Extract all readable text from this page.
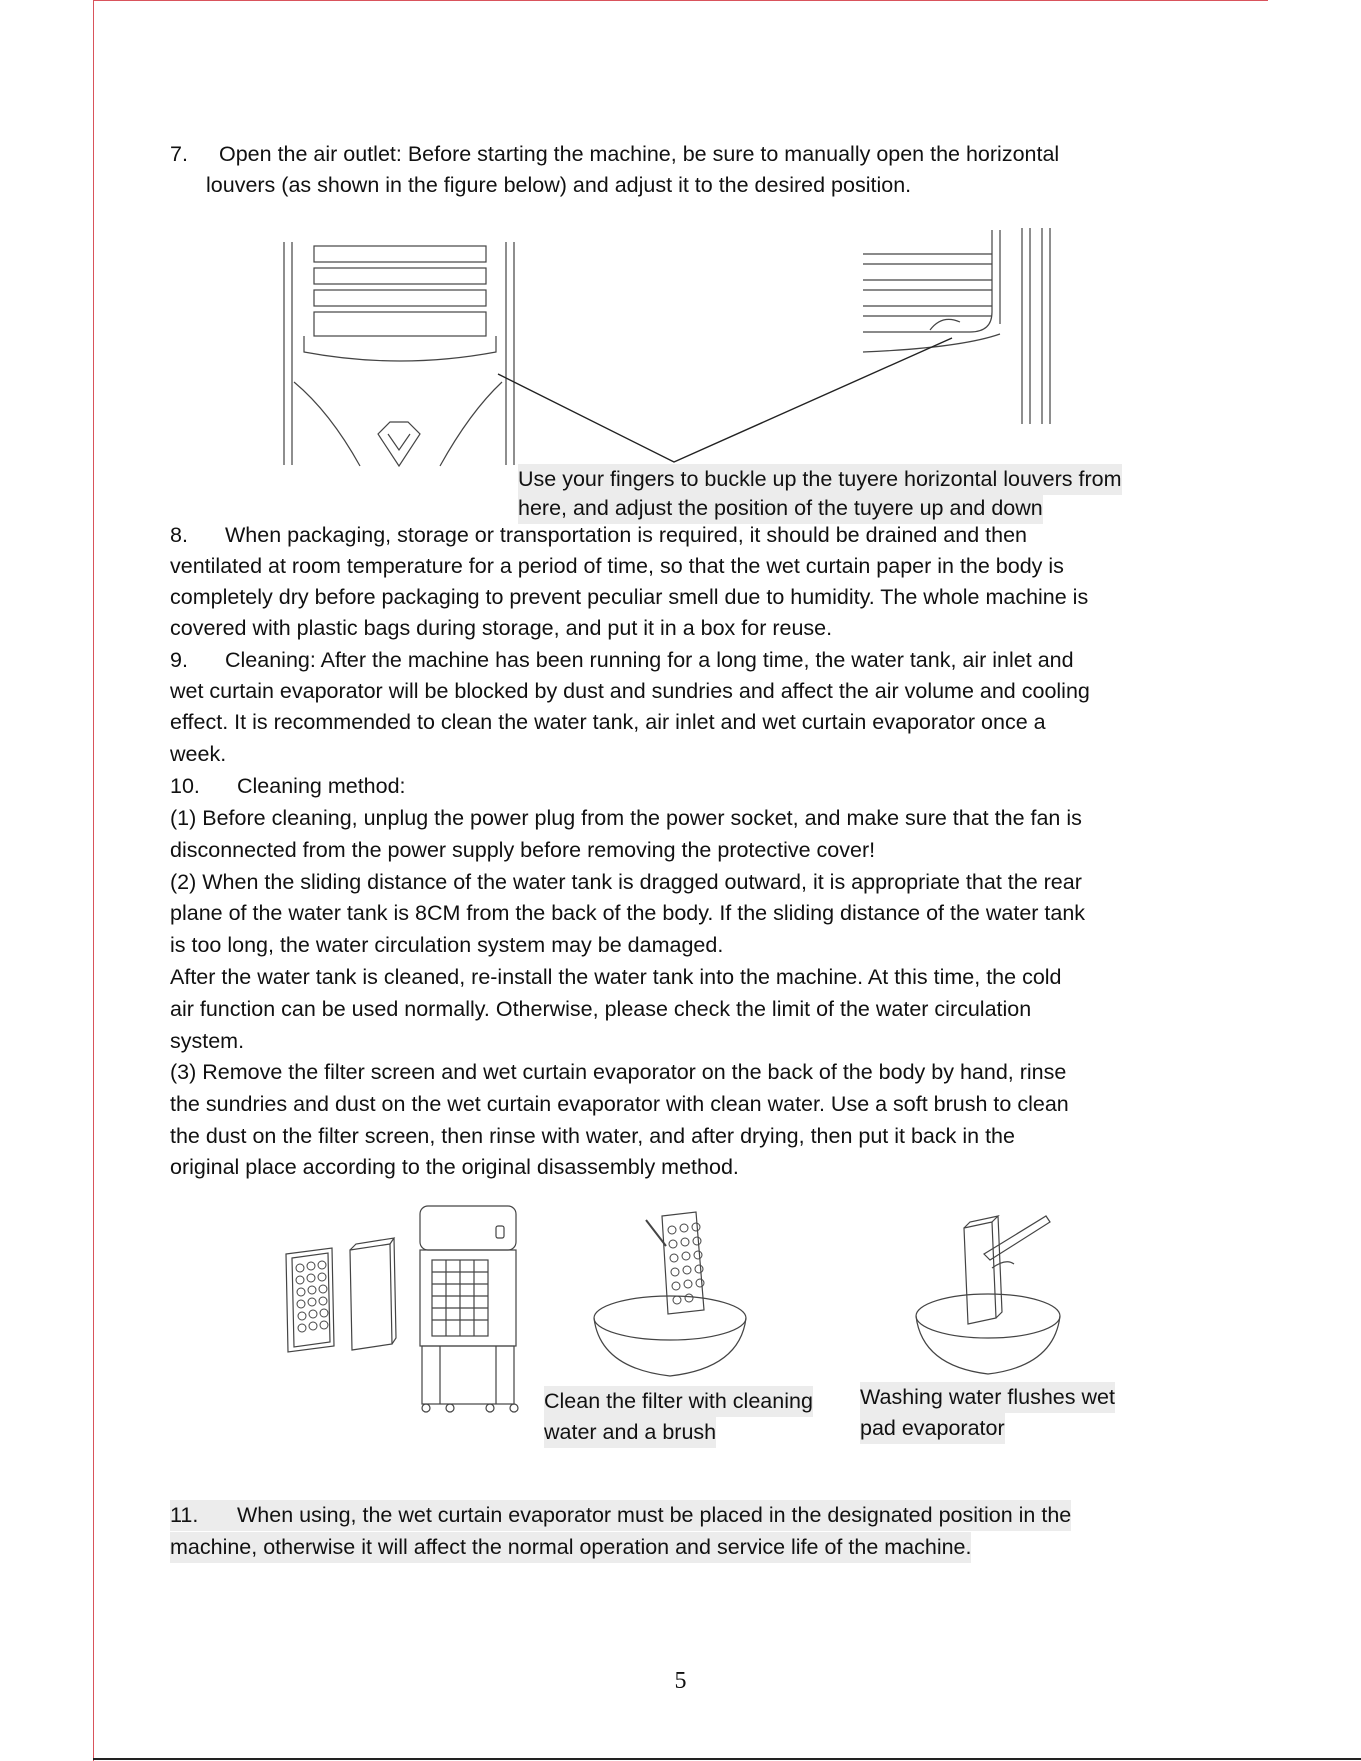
7. Open the air outlet: Before starting the machine, be sure to manually open the horizontal
louvers (as shown in the figure below) and adjust it to the desired position.
Use your fingers to buckle up the tuyere horizontal louvers from
here, and adjust the position of the tuyere up and down
8. When packaging, storage or transportation is required, it should be drained and then
ventilated at room temperature for a period of time, so that the wet curtain paper in the body is
completely dry before packaging to prevent peculiar smell due to humidity. The whole machine is
covered with plastic bags during storage, and put it in a box for reuse.
9. Cleaning: After the machine has been running for a long time, the water tank, air inlet and
wet curtain evaporator will be blocked by dust and sundries and affect the air volume and cooling
effect. It is recommended to clean the water tank, air inlet and wet curtain evaporator once a
week.
10. Cleaning method:
(1) Before cleaning, unplug the power plug from the power socket, and make sure that the fan is
disconnected from the power supply before removing the protective cover!
(2) When the sliding distance of the water tank is dragged outward, it is appropriate that the rear
plane of the water tank is 8CM from the back of the body. If the sliding distance of the water tank
is too long, the water circulation system may be damaged.
After the water tank is cleaned, re-install the water tank into the machine. At this time, the cold
air function can be used normally. Otherwise, please check the limit of the water circulation
system.
(3) Remove the filter screen and wet curtain evaporator on the back of the body by hand, rinse
the sundries and dust on the wet curtain evaporator with clean water. Use a soft brush to clean
the dust on the filter screen, then rinse with water, and after drying, then put it back in the
original place according to the original disassembly method.
Clean the filter with cleaning
water and a brush
Washing water flushes wet
pad evaporator
11. When using, the wet curtain evaporator must be placed in the designated position in the
machine, otherwise it will affect the normal operation and service life of the machine.
5
